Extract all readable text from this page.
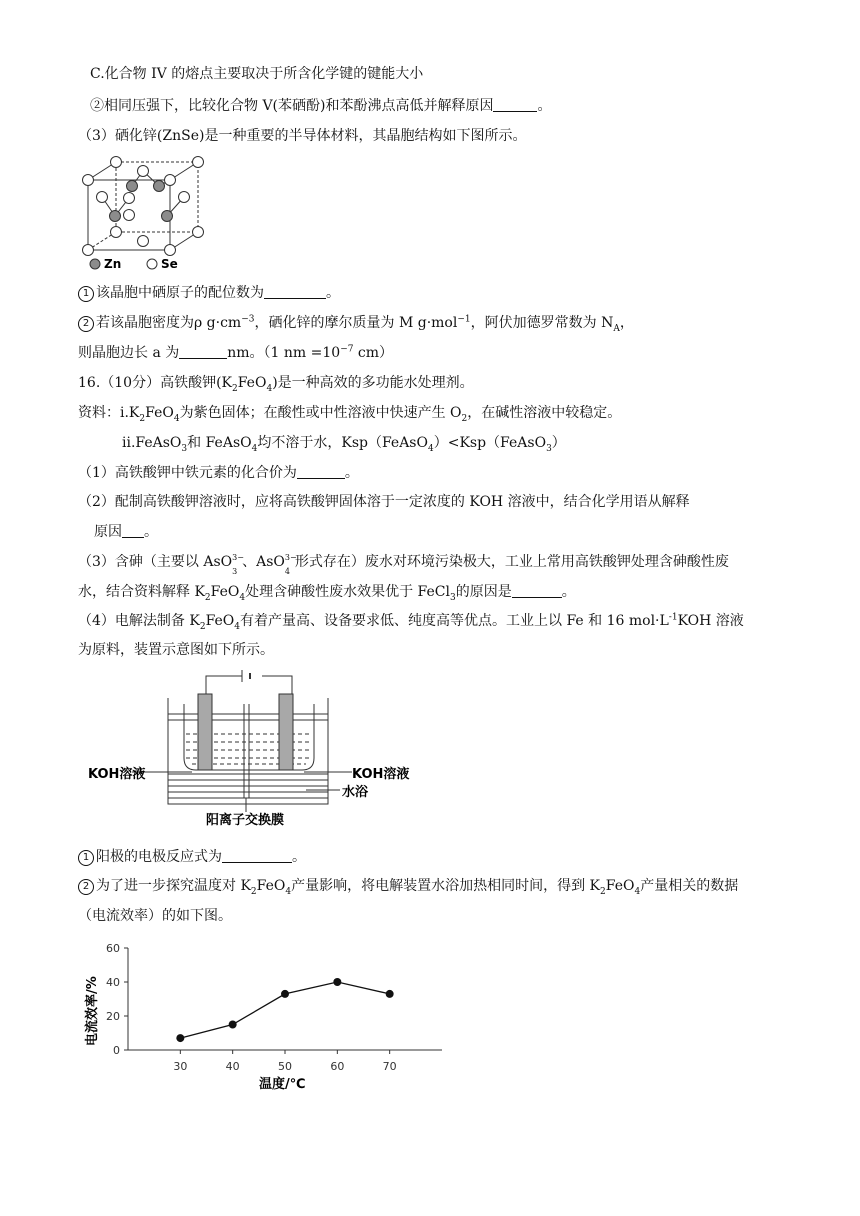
C.化合物 IV 的熔点主要取决于所含化学键的键能大小
②相同压强下，比较化合物 V(苯硒酚)和苯酚沸点高低并解释原因	。
（3）硒化锌(ZnSe)是一种重要的半导体材料，其晶胞结构如下图所示。
Zn	Se
1 该晶胞中硒原子的配位数为	。
2 若该晶胞密度为ρ $g\cdot cm^{-3}$，硒化锌的摩尔质量为 M g·mol$^{-1}$，阿伏加德罗常数为 $N_A$，
则晶胞边长 a 为	nm。（1 nm $=10^{-7}$ cm）
16.（10分）高铁酸钾$(K_2FeO_4)$是一种高效的多功能水处理剂。
资料：$i.K_2FeO_4$为紫色固体；在酸性或中性溶液中快速产生 $O_2$，在碱性溶液中较稳定。
ii.FeAsO$_3$和 FeAsO$_4$均不溶于水，Ksp（FeAsO$_4$）<Ksp（FeAsO$_3$）
（1）高铁酸钾中铁元素的化合价为	。
（2）配制高铁酸钾溶液时，应将高铁酸钾固体溶于一定浓度的 KOH 溶液中，结合化学用语从解释
原因 。
（3）含砷（主要以 AsO 3−
3
、AsO 3−
4
形式存在）废水对环境污染极大，工业上常用高铁酸钾处理含砷酸性废
水，结合资料解释 $K_2FeO_4$处理含砷酸性废水效果优于 FeCl$_3$的原因是	。
（4）电解法制备 $K_2FeO_4$有着产量高、设备要求低、纯度高等优点。工业上以 Fe 和 16 $mol\cdot L^{-1}KOH$ 溶液
为原料，装置示意图如下所示。
KOH溶液	KOH溶液
水浴
阳离子交换膜
1 阳极的电极反应式为	。
2 为了进一步探究温度对 $K_2FeO_4$产量影响，将电解装置水浴加热相同时间，得到 $K_2FeO_4$产量相关的数据
（电流效率）的如下图。
0
20
40
60
30	40	50	60	70
温度/℃
电流效率/%
